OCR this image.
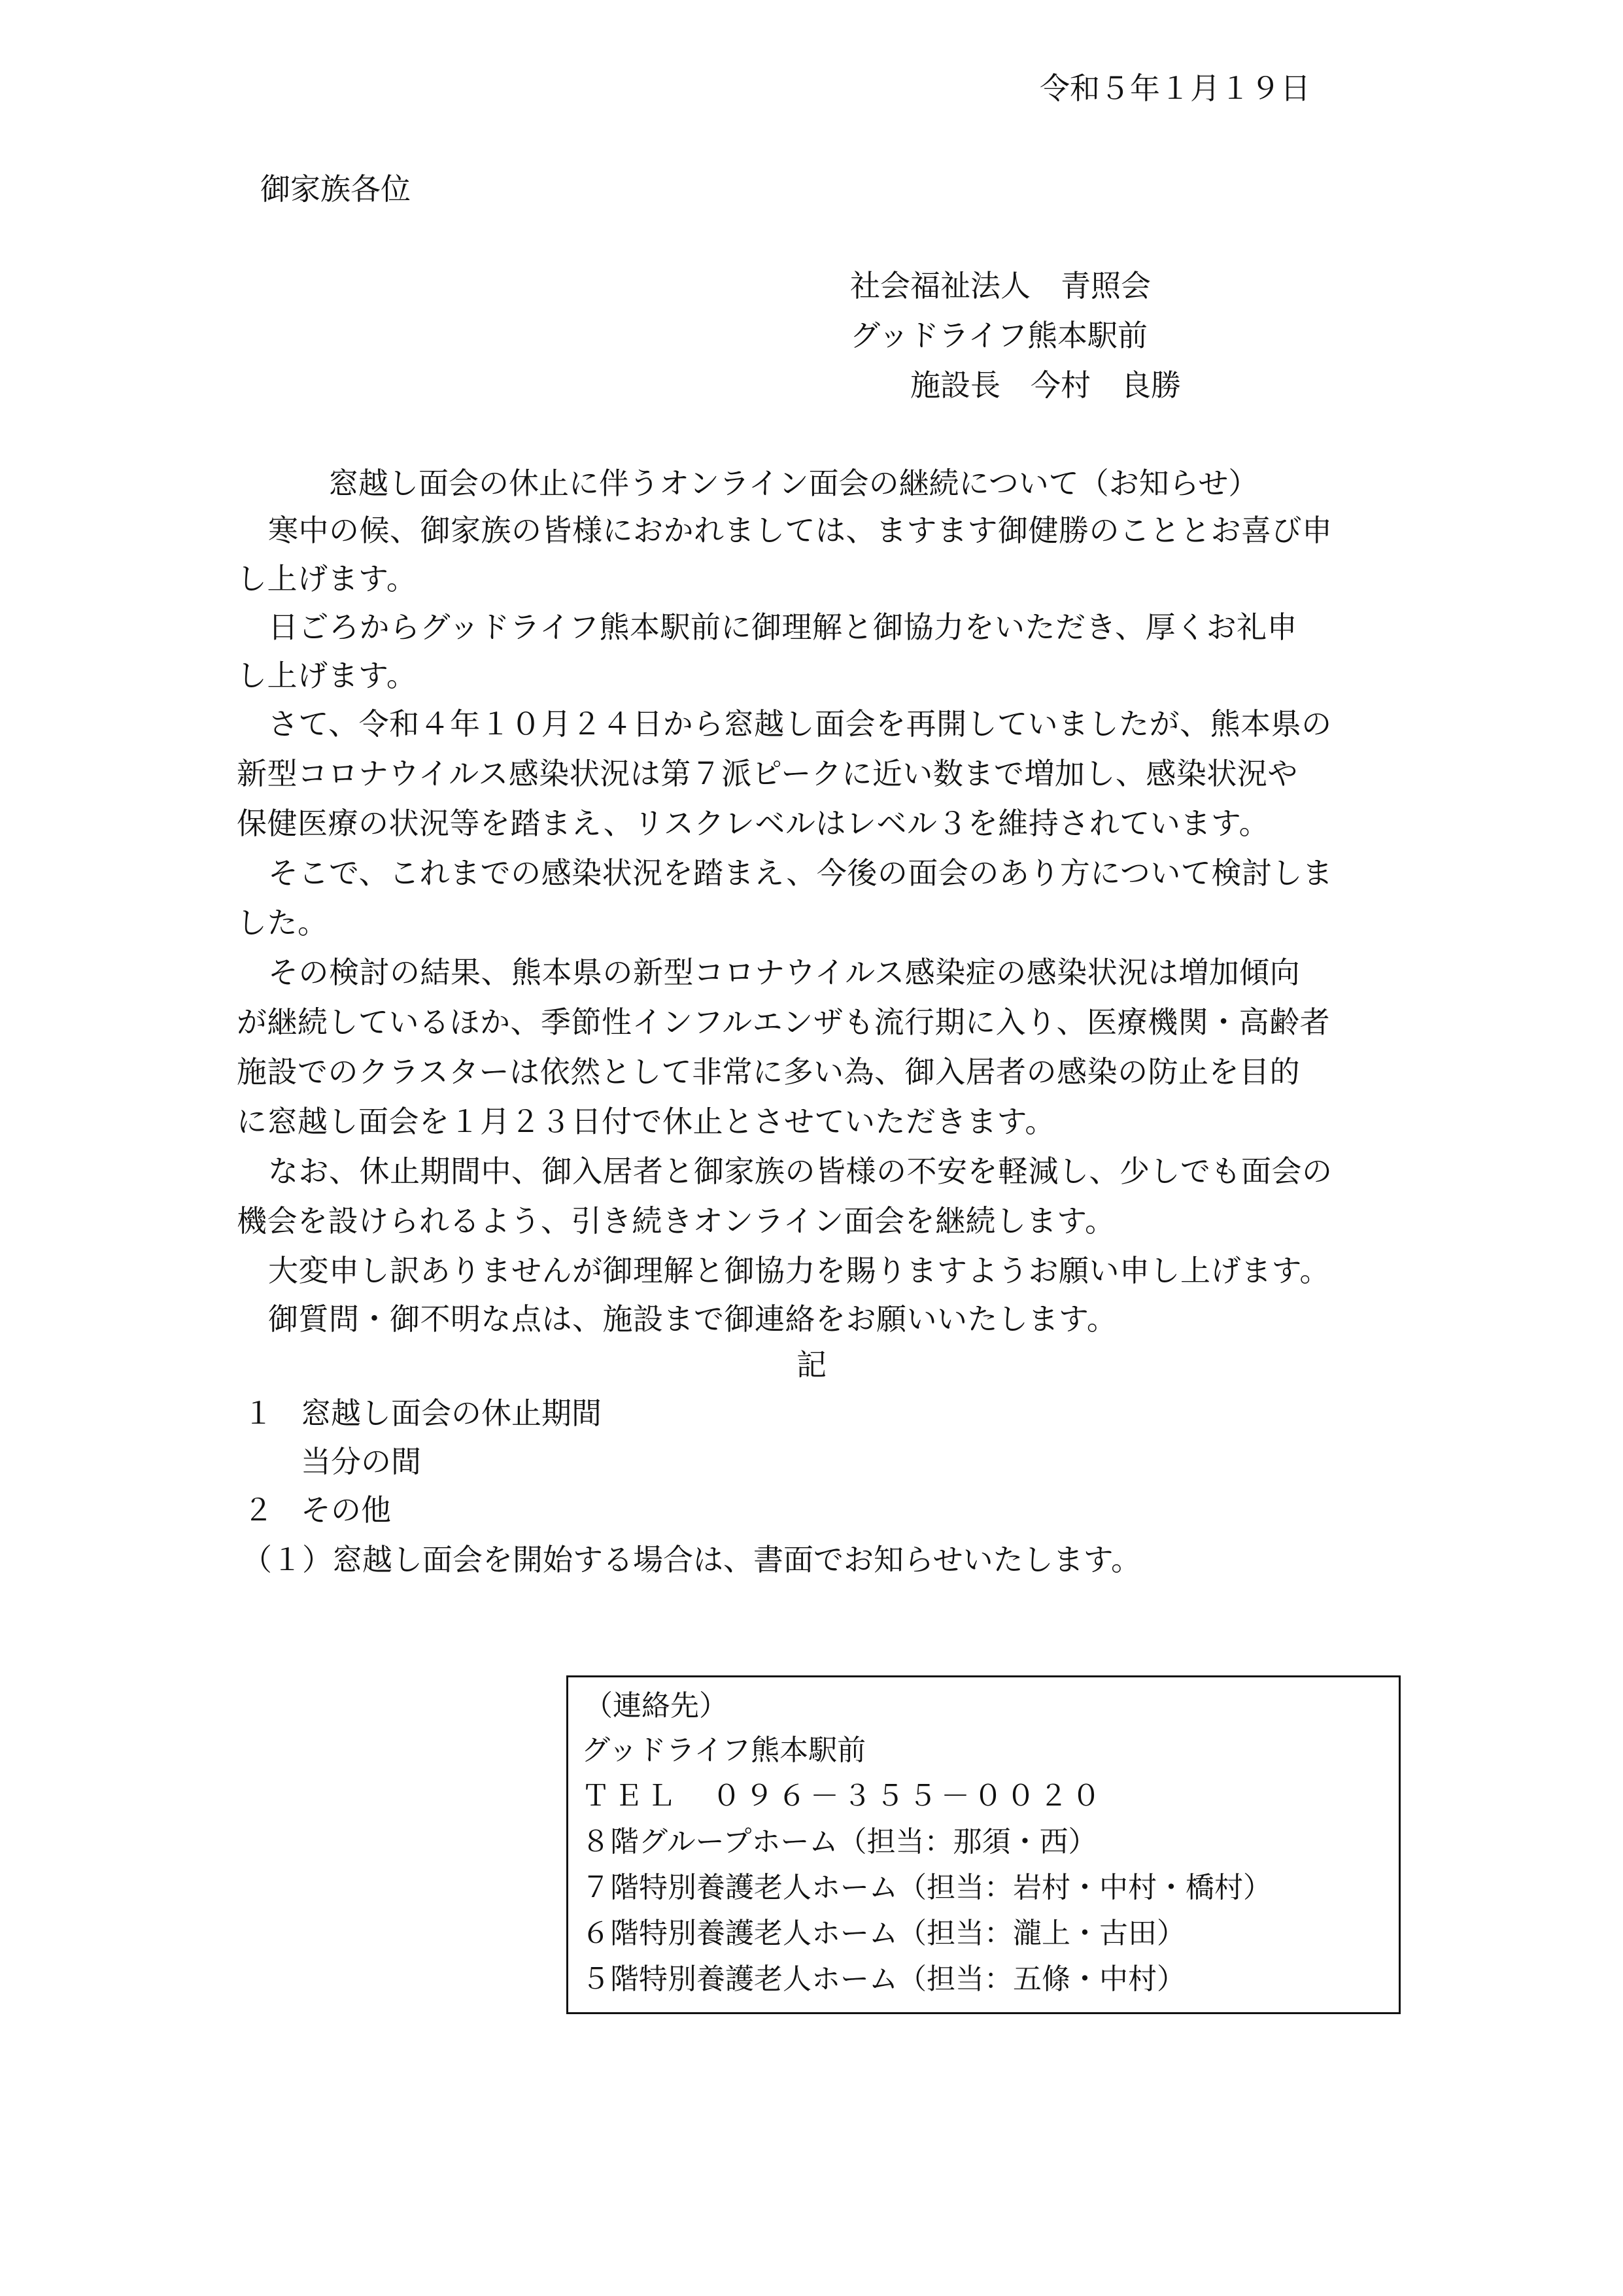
令和５年１月１９日
御家族各位
社会福祉法人　青照会
グッドライフ熊本駅前
施設長　今村　良勝
窓越し面会の休止に伴うオンライン面会の継続について（お知らせ）
寒中の候、御家族の皆様におかれましては、ますます御健勝のこととお喜び申
し上げます。
日ごろからグッドライフ熊本駅前に御理解と御協力をいただき、厚くお礼申
し上げます。
さて、令和４年１０月２４日から窓越し面会を再開していましたが、熊本県の
新型コロナウイルス感染状況は第７派ピークに近い数まで増加し、感染状況や
保健医療の状況等を踏まえ、リスクレベルはレベル３を維持されています。
そこで、これまでの感染状況を踏まえ、今後の面会のあり方について検討しま
した。
その検討の結果、熊本県の新型コロナウイルス感染症の感染状況は増加傾向
が継続しているほか、季節性インフルエンザも流行期に入り、医療機関・高齢者
施設でのクラスターは依然として非常に多い為、御入居者の感染の防止を目的
に窓越し面会を１月２３日付で休止とさせていただきます。
なお、休止期間中、御入居者と御家族の皆様の不安を軽減し、少しでも面会の
機会を設けられるよう、引き続きオンライン面会を継続します。
大変申し訳ありませんが御理解と御協力を賜りますようお願い申し上げます。
御質問・御不明な点は、施設まで御連絡をお願いいたします。
記
１ 窓越し面会の休止期間
当分の間
２ その他
（１）窓越し面会を開始する場合は、書面でお知らせいたします。
（連絡先）
グッドライフ熊本駅前
ＴＥＬ　０９６－３５５－００２０
８階グループホーム（担当：那須・西）
７階特別養護老人ホーム（担当：岩村・中村・橋村）
６階特別養護老人ホーム（担当：瀧上・古田）
５階特別養護老人ホーム（担当：五條・中村）
